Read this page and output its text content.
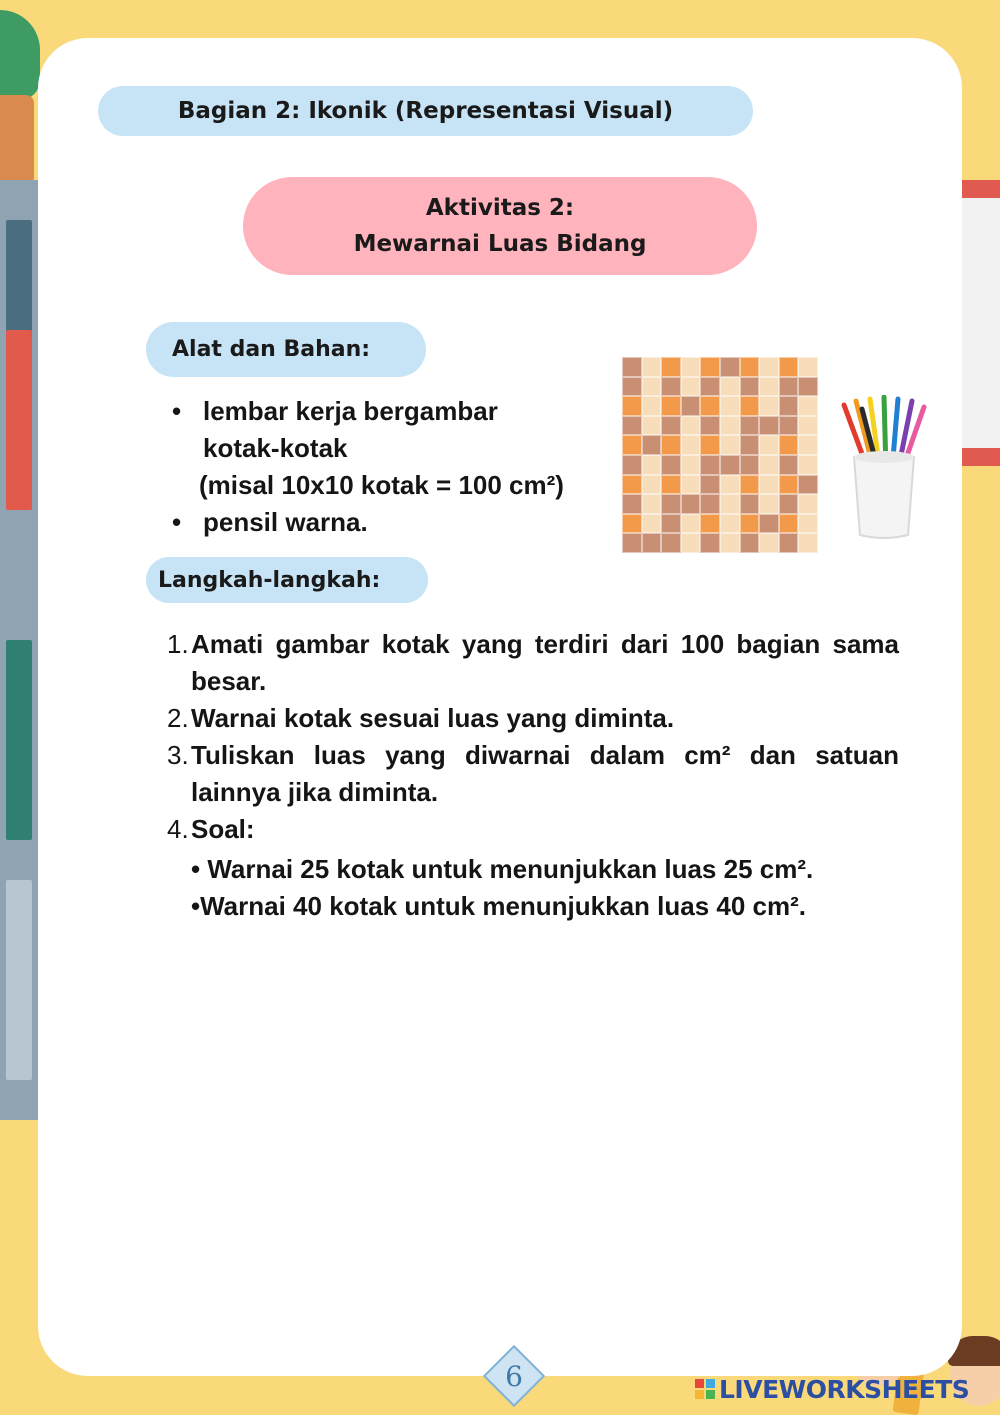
Bagian 2: Ikonik (Representasi Visual)
Aktivitas 2:
Mewarnai Luas Bidang
Alat dan Bahan:
• lembar kerja bergambar
kotak-kotak

(misal 10x10 kotak = 100 cm²)
• pensil warna.
Langkah-langkah:
1. Amati gambar kotak yang terdiri dari 100 bagian sama besar.
2. Warnai kotak sesuai luas yang diminta.
3. Tuliskan luas yang diwarnai dalam cm² dan satuan lainnya jika diminta.
4. Soal:
• Warnai 25 kotak untuk menunjukkan luas 25 cm².
•Warnai 40 kotak untuk menunjukkan luas 40 cm².
6	LIVEWORKSHEETS
